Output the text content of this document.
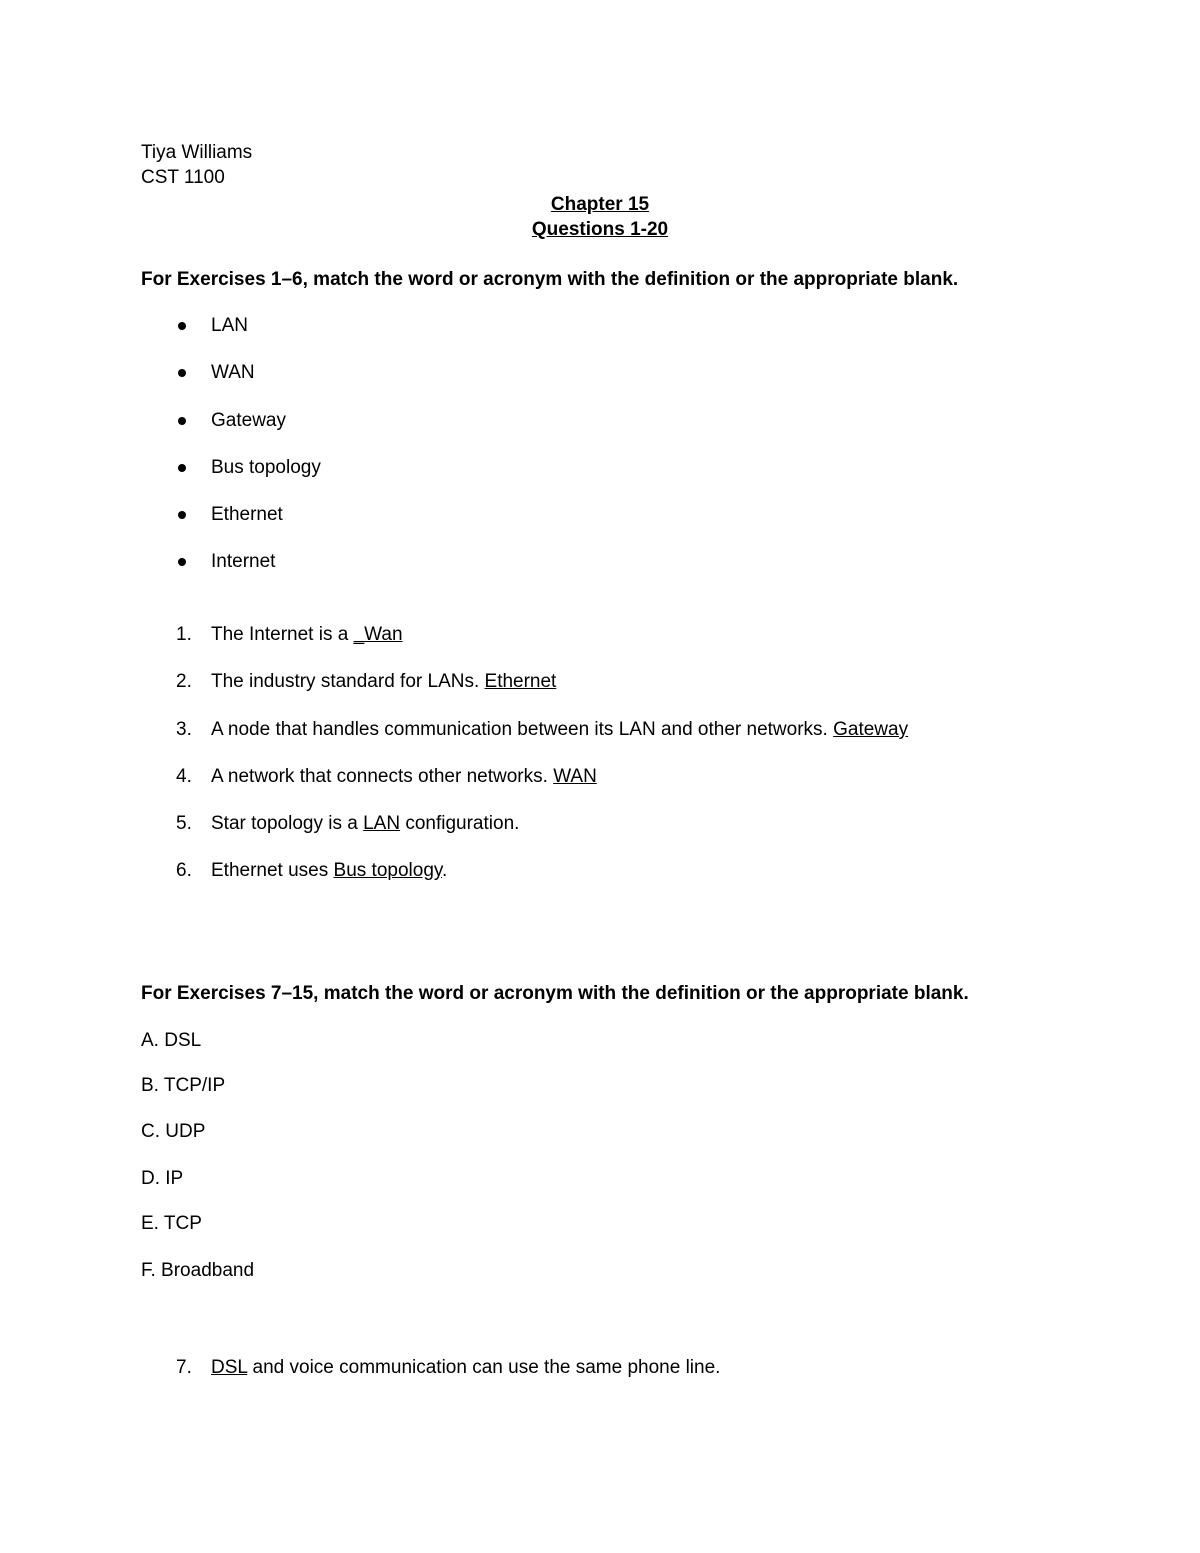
Tiya Williams
CST 1100
Chapter 15
Questions 1-20
For Exercises 1–6, match the word or acronym with the definition or the appropriate blank.
LAN
WAN
Gateway
Bus topology
Ethernet
Internet
1. The Internet is a _Wan
2. The industry standard for LANs. Ethernet
3. A node that handles communication between its LAN and other networks. Gateway
4. A network that connects other networks. WAN
5. Star topology is a LAN configuration.
6. Ethernet uses Bus topology.
For Exercises 7–15, match the word or acronym with the definition or the appropriate blank.
A. DSL
B. TCP/IP
C. UDP
D. IP
E. TCP
F. Broadband
7. DSL and voice communication can use the same phone line.
